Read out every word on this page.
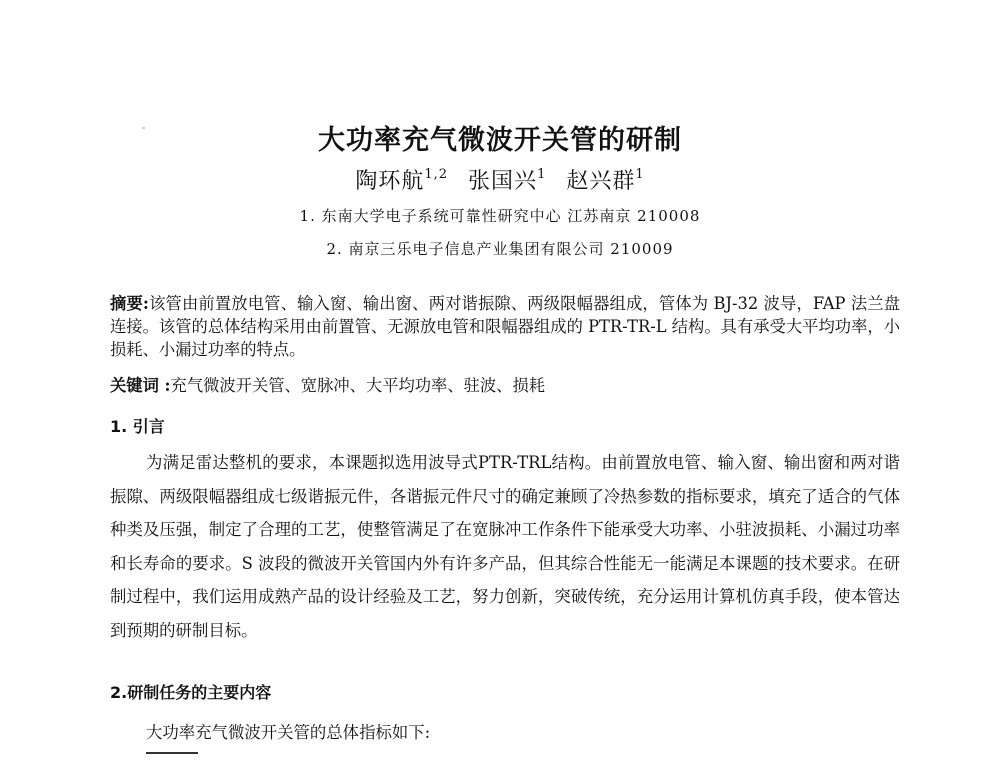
大功率充气微波开关管的研制
陶环航$^{1,2}$ 张国兴$^1$ 赵兴群$^1$
1. 东南大学电子系统可靠性研究中心 江苏南京 210008
2. 南京三乐电子信息产业集团有限公司 210009
摘要:该管由前置放电管、输入窗、输出窗、两对谐振隙、两级限幅器组成，管体为 BJ-32 波导，FAP 法兰盘连接。该管的总体结构采用由前置管、无源放电管和限幅器组成的 PTR-TR-L 结构。具有承受大平均功率，小损耗、小漏过功率的特点。
关键词 :充气微波开关管、宽脉冲、大平均功率、驻波、损耗
1. 引言
为满足雷达整机的要求，本课题拟选用波导式PTR-TRL结构。由前置放电管、输入窗、输出窗和两对谐振隙、两级限幅器组成七级谐振元件，各谐振元件尺寸的确定兼顾了冷热参数的指标要求，填充了适合的气体种类及压强，制定了合理的工艺，使整管满足了在宽脉冲工作条件下能承受大功率、小驻波损耗、小漏过功率和长寿命的要求。S 波段的微波开关管国内外有许多产品，但其综合性能无一能满足本课题的技术要求。在研制过程中，我们运用成熟产品的设计经验及工艺，努力创新，突破传统，充分运用计算机仿真手段，使本管达到预期的研制目标。
2.研制任务的主要内容
大功率充气微波开关管的总体指标如下:
